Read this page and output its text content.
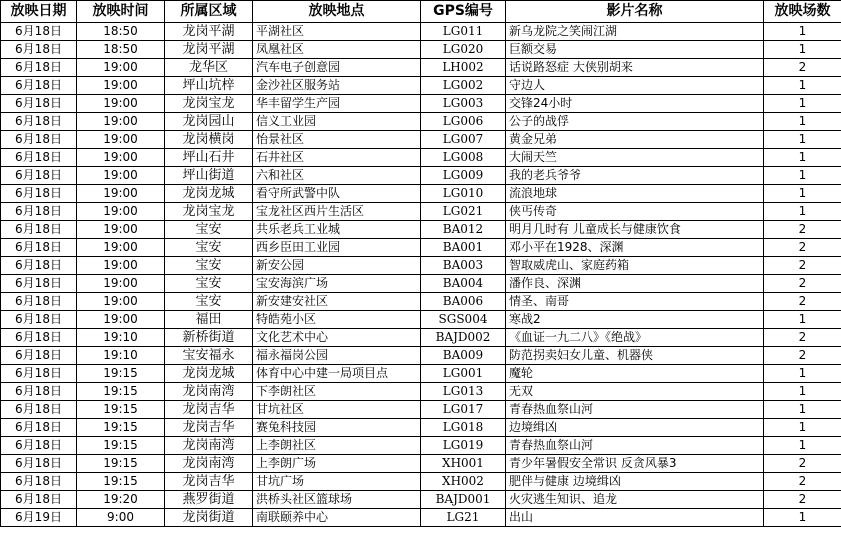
放映日期	放映时间	所属区域	放映地点	GPS编号	影片名称	放映场数
6月18日	18:50	龙岗平湖	平湖社区	LG011	新乌龙院之笑闹江湖	1
6月18日	18:50	龙岗平湖	凤凰社区	LG020	巨额交易	1
6月18日	19:00	龙华区	汽车电子创意园	LH002	话说路怒症 大侠别胡来	2
6月18日	19:00	坪山坑梓	金沙社区服务站	LG002	守边人	1
6月18日	19:00	龙岗宝龙	华丰留学生产园	LG003	交锋24小时	1
6月18日	19:00	龙岗园山	信义工业园	LG006	公子的战俘	1
6月18日	19:00	龙岗横岗	怡景社区	LG007	黄金兄弟	1
6月18日	19:00	坪山石井	石井社区	LG008	大闹天竺	1
6月18日	19:00	坪山街道	六和社区	LG009	我的老兵爷爷	1
6月18日	19:00	龙岗龙城	看守所武警中队	LG010	流浪地球	1
6月18日	19:00	龙岗宝龙	宝龙社区西片生活区	LG021	侠丐传奇	1
6月18日	19:00	宝安	共乐老兵工业城	BA012	明月几时有 儿童成长与健康饮食	2
6月18日	19:00	宝安	西乡臣田工业园	BA001	邓小平在1928、深渊	2
6月18日	19:00	宝安	新安公园	BA003	智取威虎山、家庭药箱	2
6月18日	19:00	宝安	宝安海滨广场	BA004	潘作良、深渊	2
6月18日	19:00	宝安	新安建安社区	BA006	情圣、南哥	2
6月18日	19:00	福田	特皓苑小区	SGS004	寒战2	1
6月18日	19:10	新桥街道	文化艺术中心	BAJD002	《血证一九二八》《绝战》	2
6月18日	19:10	宝安福永	福永福岗公园	BA009	防范拐卖妇女儿童、机器侠	2
6月18日	19:15	龙岗龙城	体育中心中建一局项目点	LG001	魔轮	1
6月18日	19:15	龙岗南湾	下李朗社区	LG013	无双	1
6月18日	19:15	龙岗吉华	甘坑社区	LG017	青春热血祭山河	1
6月18日	19:15	龙岗吉华	赛兔科技园	LG018	边境缉凶	1
6月18日	19:15	龙岗南湾	上李朗社区	LG019	青春热血祭山河	1
6月18日	19:15	龙岗南湾	上李朗广场	XH001	青少年暑假安全常识 反贪风暴3	2
6月18日	19:15	龙岗吉华	甘坑广场	XH002	肥伴与健康 边境缉凶	2
6月18日	19:20	燕罗街道	洪桥头社区篮球场	BAJD001	火灾逃生知识、追龙	2
6月19日	9:00	龙岗街道	南联颐养中心	LG21	出山	1
